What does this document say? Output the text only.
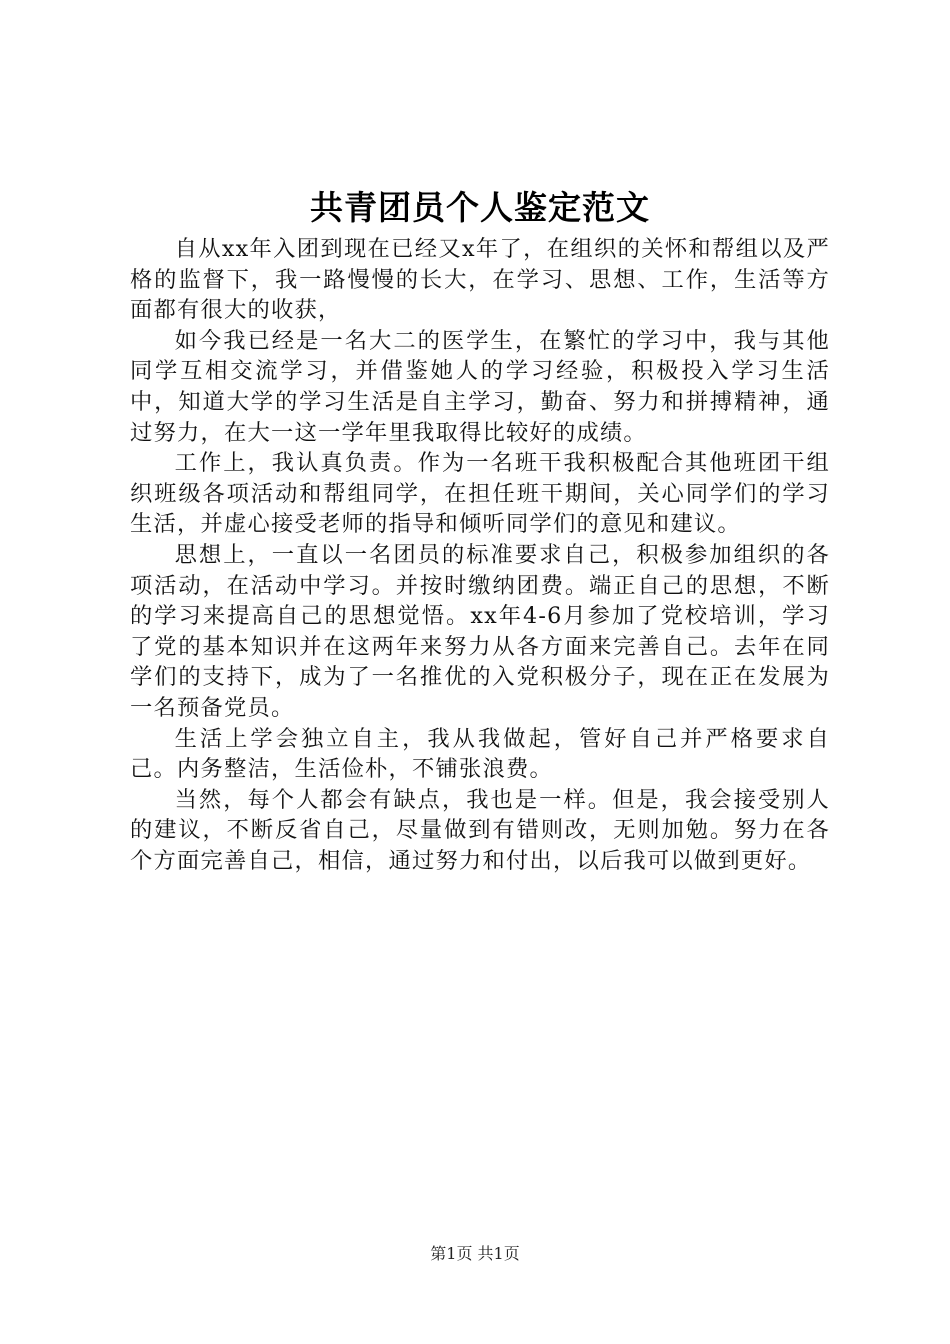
共青团员个人鉴定范文

自从xx年入团到现在已经又x年了，在组织的关怀和帮组以及严格的监督下，我一路慢慢的长大，在学习、思想、工作，生活等方面都有很大的收获，

如今我已经是一名大二的医学生，在繁忙的学习中，我与其他同学互相交流学习，并借鉴她人的学习经验，积极投入学习生活中，知道大学的学习生活是自主学习，勤奋、努力和拼搏精神，通过努力，在大一这一学年里我取得比较好的成绩。

工作上，我认真负责。作为一名班干我积极配合其他班团干组织班级各项活动和帮组同学，在担任班干期间，关心同学们的学习生活，并虚心接受老师的指导和倾听同学们的意见和建议。

思想上，一直以一名团员的标准要求自己，积极参加组织的各项活动，在活动中学习。并按时缴纳团费。端正自己的思想，不断的学习来提高自己的思想觉悟。xx年4-6月参加了党校培训，学习了党的基本知识并在这两年来努力从各方面来完善自己。去年在同学们的支持下，成为了一名推优的入党积极分子，现在正在发展为一名预备党员。

生活上学会独立自主，我从我做起，管好自己并严格要求自己。内务整洁，生活俭朴，不铺张浪费。

当然，每个人都会有缺点，我也是一样。但是，我会接受别人的建议，不断反省自己，尽量做到有错则改，无则加勉。努力在各个方面完善自己，相信，通过努力和付出，以后我可以做到更好。

第1页 共1页
